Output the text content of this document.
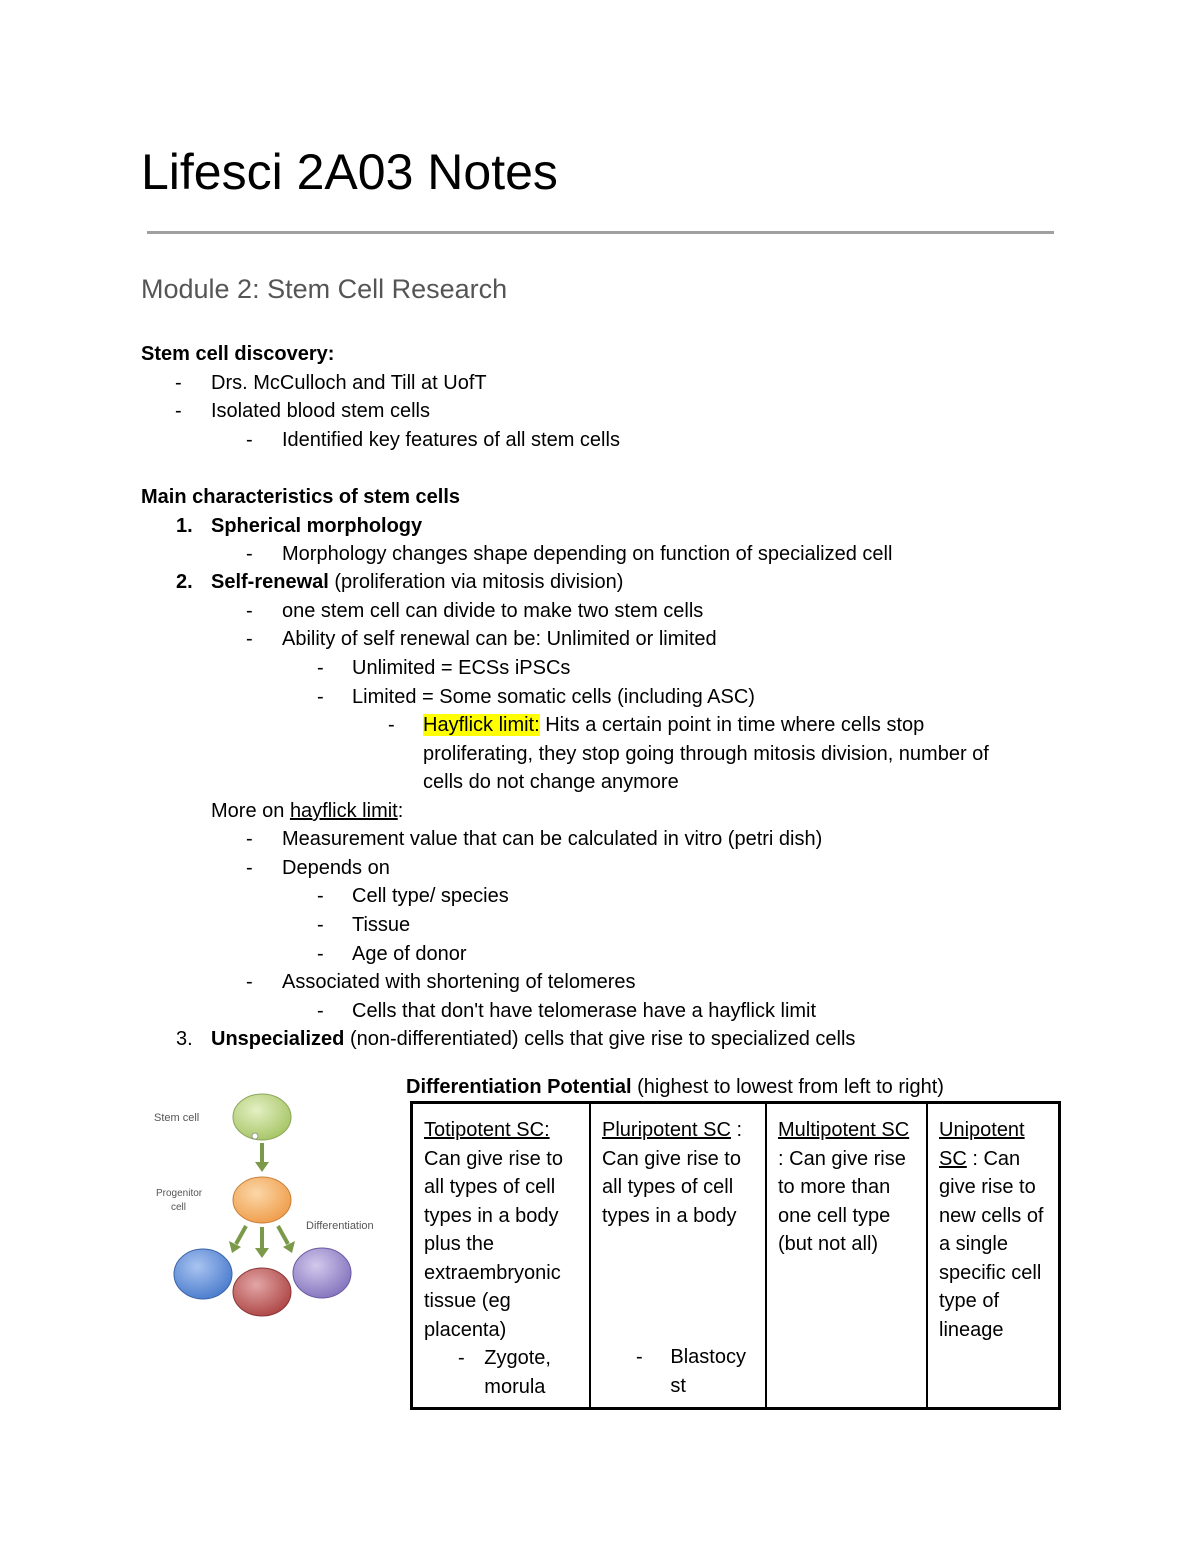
Lifesci 2A03 Notes
Module 2: Stem Cell Research
Stem cell discovery:
- Drs. McCulloch and Till at UofT
- Isolated blood stem cells
- Identified key features of all stem cells
Main characteristics of stem cells
1. Spherical morphology
- Morphology changes shape depending on function of specialized cell
2. Self-renewal (proliferation via mitosis division)
- one stem cell can divide to make two stem cells
- Ability of self renewal can be: Unlimited or limited
- Unlimited = ECSs iPSCs
- Limited = Some somatic cells (including ASC)
- Hayflick limit: Hits a certain point in time where cells stop
proliferating, they stop going through mitosis division, number of
cells do not change anymore
More on hayflick limit:
- Measurement value that can be calculated in vitro (petri dish)
- Depends on
- Cell type/ species
- Tissue
- Age of donor
- Associated with shortening of telomeres
- Cells that don't have telomerase have a hayflick limit
3. Unspecialized (non-differentiated) cells that give rise to specialized cells
Stem cell
Progenitor
cell
Differentiation
Differentiation Potential (highest to lowest from left to right)
Totipotent SC:
Can give rise to all types of cell types in a body plus the extraembryonic tissue (eg placenta)
- Zygote, morula
Pluripotent SC :
Can give rise to all types of cell types in a body
-	Blastocyst
Multipotent SC : Can give rise to more than one cell type (but not all)
Unipotent SC : Can give rise to new cells of a single specific cell type of lineage
